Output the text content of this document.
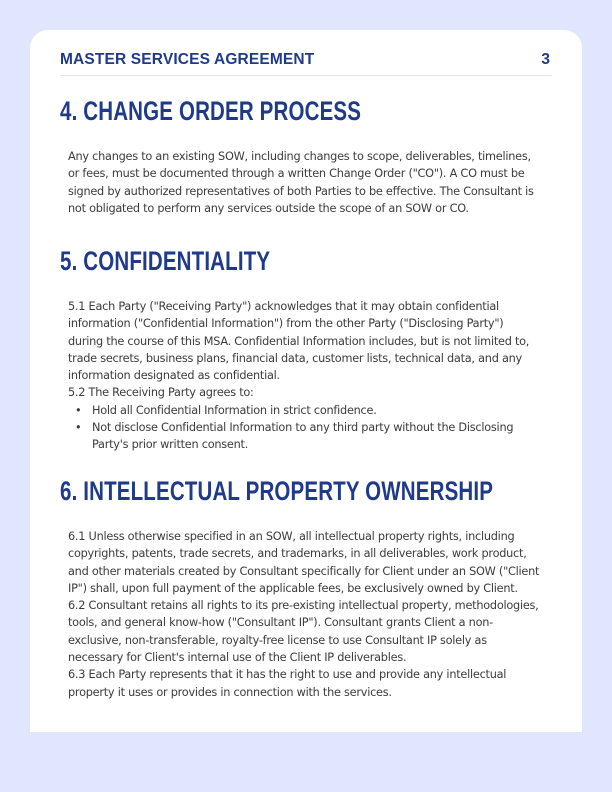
MASTER SERVICES AGREEMENT	3
4. CHANGE ORDER PROCESS

Any changes to an existing SOW, including changes to scope, deliverables, timelines, or fees, must be documented through a written Change Order ("CO"). A CO must be signed by authorized representatives of both Parties to be effective. The Consultant is not obligated to perform any services outside the scope of an SOW or CO.

5. CONFIDENTIALITY

5.1 Each Party ("Receiving Party") acknowledges that it may obtain confidential information ("Confidential Information") from the other Party ("Disclosing Party") during the course of this MSA. Confidential Information includes, but is not limited to, trade secrets, business plans, financial data, customer lists, technical data, and any information designated as confidential.

5.2 The Receiving Party agrees to:

• Hold all Confidential Information in strict confidence.
• Not disclose Confidential Information to any third party without the Disclosing Party's prior written consent.
6. INTELLECTUAL PROPERTY OWNERSHIP

6.1 Unless otherwise specified in an SOW, all intellectual property rights, including copyrights, patents, trade secrets, and trademarks, in all deliverables, work product, and other materials created by Consultant specifically for Client under an SOW ("Client IP") shall, upon full payment of the applicable fees, be exclusively owned by Client.

6.2 Consultant retains all rights to its pre-existing intellectual property, methodologies, tools, and general know-how ("Consultant IP"). Consultant grants Client a non-exclusive, non-transferable, royalty-free license to use Consultant IP solely as necessary for Client's internal use of the Client IP deliverables.

6.3 Each Party represents that it has the right to use and provide any intellectual property it uses or provides in connection with the services.
